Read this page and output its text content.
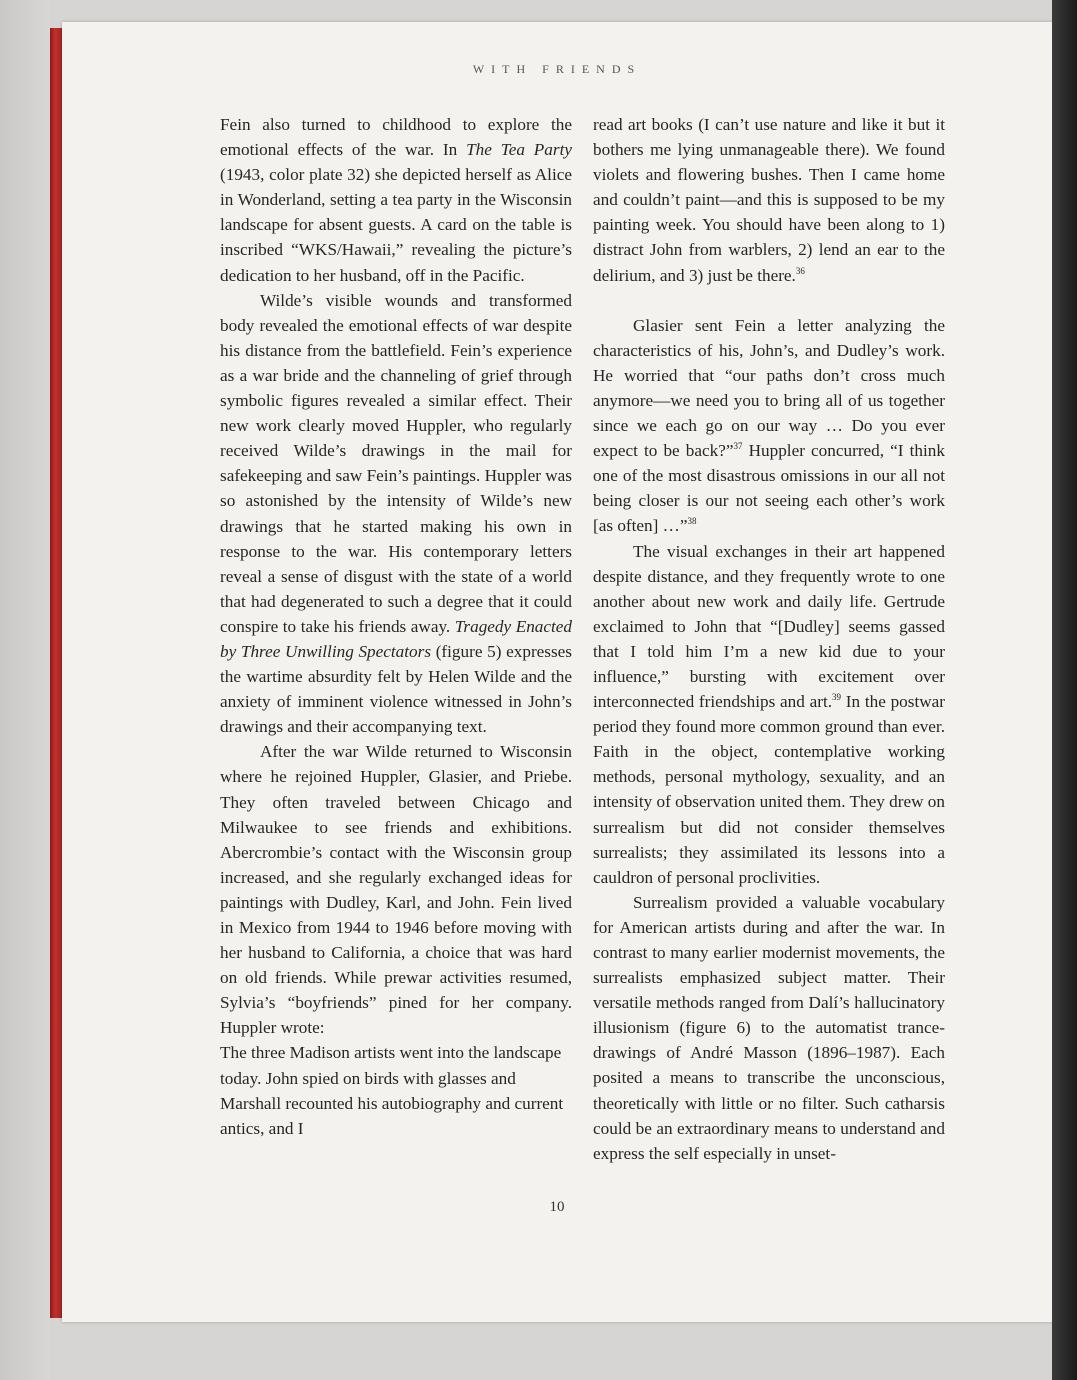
WITH FRIENDS

Fein also turned to childhood to explore the emotional effects of the war. In The Tea Party (1943, color plate 32) she depicted herself as Alice in Wonderland, setting a tea party in the Wisconsin landscape for absent guests. A card on the table is inscribed “WKS/Hawaii,” revealing the picture’s dedication to her husband, off in the Pacific.

Wilde’s visible wounds and transformed body revealed the emotional effects of war despite his distance from the battlefield. Fein’s experience as a war bride and the channeling of grief through symbolic figures revealed a similar effect. Their new work clearly moved Huppler, who regularly received Wilde’s drawings in the mail for safekeeping and saw Fein’s paintings. Huppler was so astonished by the intensity of Wilde’s new drawings that he started making his own in response to the war. His contemporary letters reveal a sense of disgust with the state of a world that had degenerated to such a degree that it could conspire to take his friends away. Tragedy Enacted by Three Unwilling Spectators (figure 5) expresses the wartime absurdity felt by Helen Wilde and the anxiety of imminent violence witnessed in John’s drawings and their accompanying text.

After the war Wilde returned to Wisconsin where he rejoined Huppler, Glasier, and Priebe. They often traveled between Chicago and Milwaukee to see friends and exhibitions. Abercrombie’s contact with the Wisconsin group increased, and she regularly exchanged ideas for paintings with Dudley, Karl, and John. Fein lived in Mexico from 1944 to 1946 before moving with her husband to California, a choice that was hard on old friends. While prewar activities resumed, Sylvia’s “boyfriends” pined for her company. Huppler wrote:

The three Madison artists went into the landscape today. John spied on birds with glasses and Marshall recounted his autobiography and current antics, and I

read art books (I can’t use nature and like it but it bothers me lying unmanageable there). We found violets and flowering bushes. Then I came home and couldn’t paint—and this is supposed to be my painting week. You should have been along to 1) distract John from warblers, 2) lend an ear to the delirium, and 3) just be there.$^{36}$

Glasier sent Fein a letter analyzing the characteristics of his, John’s, and Dudley’s work. He worried that “our paths don’t cross much anymore—we need you to bring all of us together since we each go on our way … Do you ever expect to be back?”$^{37}$ Huppler concurred, “I think one of the most disastrous omissions in our all not being closer is our not seeing each other’s work [as often] …”$^{38}$

The visual exchanges in their art happened despite distance, and they frequently wrote to one another about new work and daily life. Gertrude exclaimed to John that “[Dudley] seems gassed that I told him I’m a new kid due to your influence,” bursting with excitement over interconnected friendships and art.$^{39}$ In the postwar period they found more common ground than ever. Faith in the object, contemplative working methods, personal mythology, sexuality, and an intensity of observation united them. They drew on surrealism but did not consider themselves surrealists; they assimilated its lessons into a cauldron of personal proclivities.

Surrealism provided a valuable vocabulary for American artists during and after the war. In contrast to many earlier modernist movements, the surrealists emphasized subject matter. Their versatile methods ranged from Dalí’s hallucinatory illusionism (figure 6) to the automatist trance-drawings of André Masson (1896–1987). Each posited a means to transcribe the unconscious, theoretically with little or no filter. Such catharsis could be an extraordinary means to understand and express the self especially in unset-

10
